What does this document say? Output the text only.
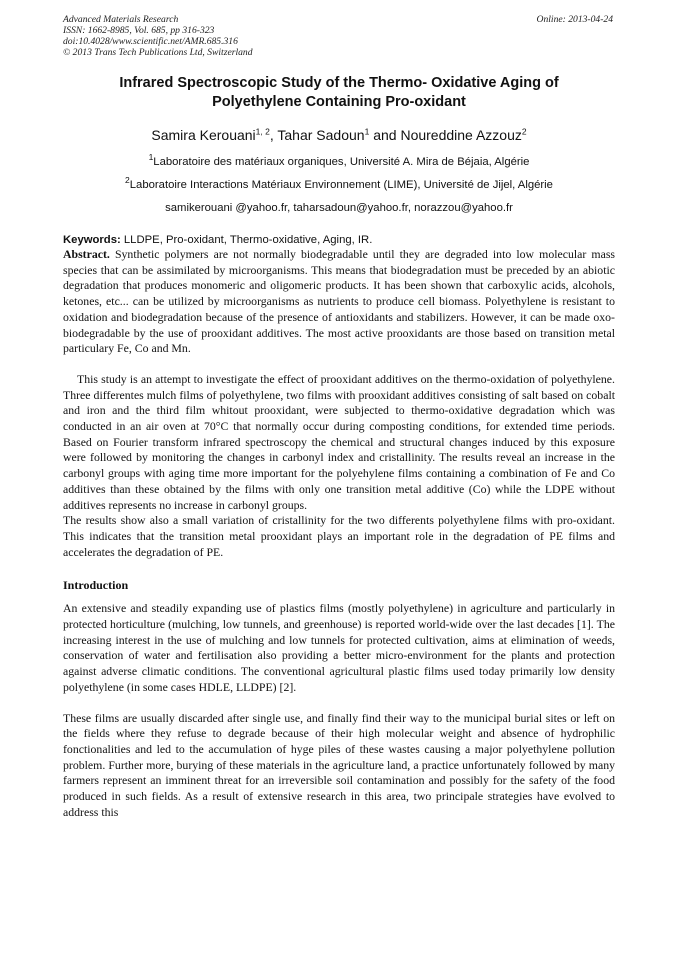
Advanced Materials Research
ISSN: 1662-8985, Vol. 685, pp 316-323
doi:10.4028/www.scientific.net/AMR.685.316
© 2013 Trans Tech Publications Ltd, Switzerland
Online: 2013-04-24
Infrared Spectroscopic Study of the Thermo- Oxidative Aging of Polyethylene Containing Pro-oxidant
Samira Kerouani$^{1, 2}$, Tahar Sadoun$^1$ and Noureddine Azzouz$^2$
$^1$Laboratoire des matériaux organiques, Université A. Mira de Béjaia, Algérie
$^2$Laboratoire Interactions Matériaux Environnement (LIME), Université de Jijel, Algérie
samikerouani @yahoo.fr, taharsadoun@yahoo.fr, norazzou@yahoo.fr
Keywords: LLDPE, Pro-oxidant, Thermo-oxidative, Aging, IR.

Abstract. Synthetic polymers are not normally biodegradable until they are degraded into low molecular mass species that can be assimilated by microorganisms. This means that biodegradation must be preceded by an abiotic degradation that produces monomeric and oligomeric products. It has been shown that carboxylic acids, alcohols, ketones, etc... can be utilized by microorganisms as nutrients to produce cell biomass. Polyethylene is resistant to oxidation and biodegradation because of the presence of antioxidants and stabilizers. However, it can be made oxo-biodegradable by the use of prooxidant additives. The most active prooxidants are those based on transition metal particulary Fe, Co and Mn.

This study is an attempt to investigate the effect of prooxidant additives on the thermo-oxidation of polyethylene. Three differentes mulch films of polyethylene, two films with prooxidant additives consisting of salt based on cobalt and iron and the third film whitout prooxidant, were subjected to thermo-oxidative degradation which was conducted in an air oven at 70°C that normally occur during composting conditions, for extended time periods. Based on Fourier transform infrared spectroscopy the chemical and structural changes induced by this exposure were followed by monitoring the changes in carbonyl index and cristallinity. The results reveal an increase in the carbonyl groups with aging time more important for the polyehylene films containing a combination of Fe and Co additives than these obtained by the films with only one transition metal additive (Co) while the LDPE without additives represents no increase in carbonyl groups.

The results show also a small variation of cristallinity for the two differents polyethylene films with pro-oxidant. This indicates that the transition metal prooxidant plays an important role in the degradation of PE films and accelerates the degradation of PE.

Introduction

An extensive and steadily expanding use of plastics films (mostly polyethylene) in agriculture and particularly in protected horticulture (mulching, low tunnels, and greenhouse) is reported world-wide over the last decades [1]. The increasing interest in the use of mulching and low tunnels for protected cultivation, aims at elimination of weeds, conservation of water and fertilisation also providing a better micro-environment for the plants and protection against adverse climatic conditions. The conventional agricultural plastic films used today primarily low density polyethylene (in some cases HDLE, LLDPE) [2].

These films are usually discarded after single use, and finally find their way to the municipal burial sites or left on the fields where they refuse to degrade because of their high molecular weight and absence of hydrophilic fonctionalities and led to the accumulation of hyge piles of these wastes causing a major polyethylene pollution problem. Further more, burying of these materials in the agriculture land, a practice unfortunately followed by many farmers represent an imminent threat for an irreversible soil contamination and possibly for the safety of the food produced in such fields. As a result of extensive research in this area, two principale strategies have evolved to address this
